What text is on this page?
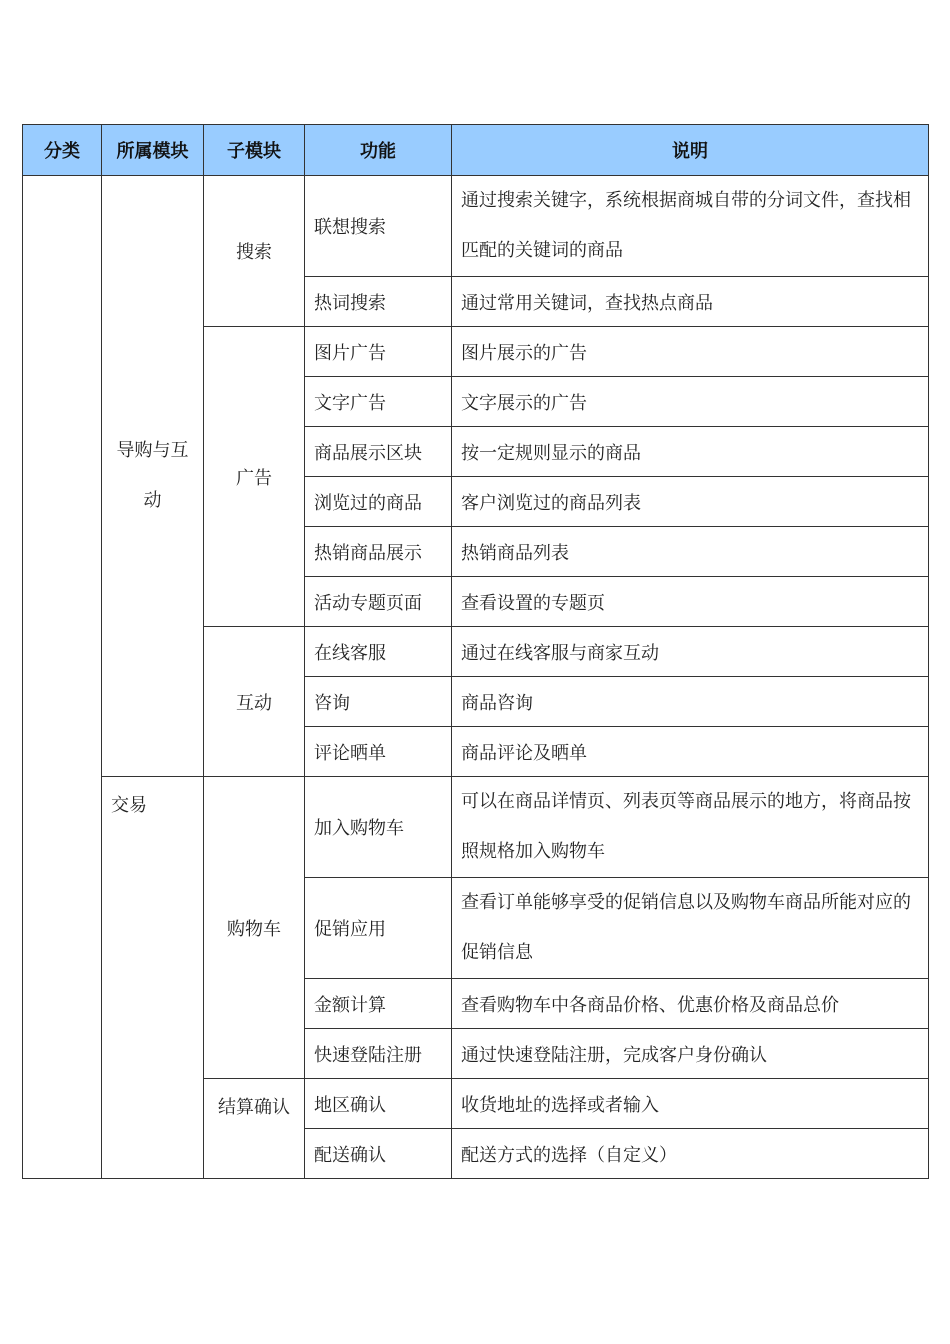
分类	所属模块	子模块	功能	说明

	导购与互动	搜索	联想搜索	通过搜索关键字，系统根据商城自带的分词文件，查找相匹配的关键词的商品
			热词搜索	通过常用关键词，查找热点商品
		广告	图片广告	图片展示的广告
			文字广告	文字展示的广告
			商品展示区块	按一定规则显示的商品
			浏览过的商品	客户浏览过的商品列表
			热销商品展示	热销商品列表
			活动专题页面	查看设置的专题页
		互动	在线客服	通过在线客服与商家互动
			咨询	商品咨询
			评论晒单	商品评论及晒单
	交易	购物车	加入购物车	可以在商品详情页、列表页等商品展示的地方，将商品按照规格加入购物车
			促销应用	查看订单能够享受的促销信息以及购物车商品所能对应的促销信息
			金额计算	查看购物车中各商品价格、优惠价格及商品总价
			快速登陆注册	通过快速登陆注册，完成客户身份确认
		结算确认	地区确认	收货地址的选择或者输入
			配送确认	配送方式的选择（自定义）
